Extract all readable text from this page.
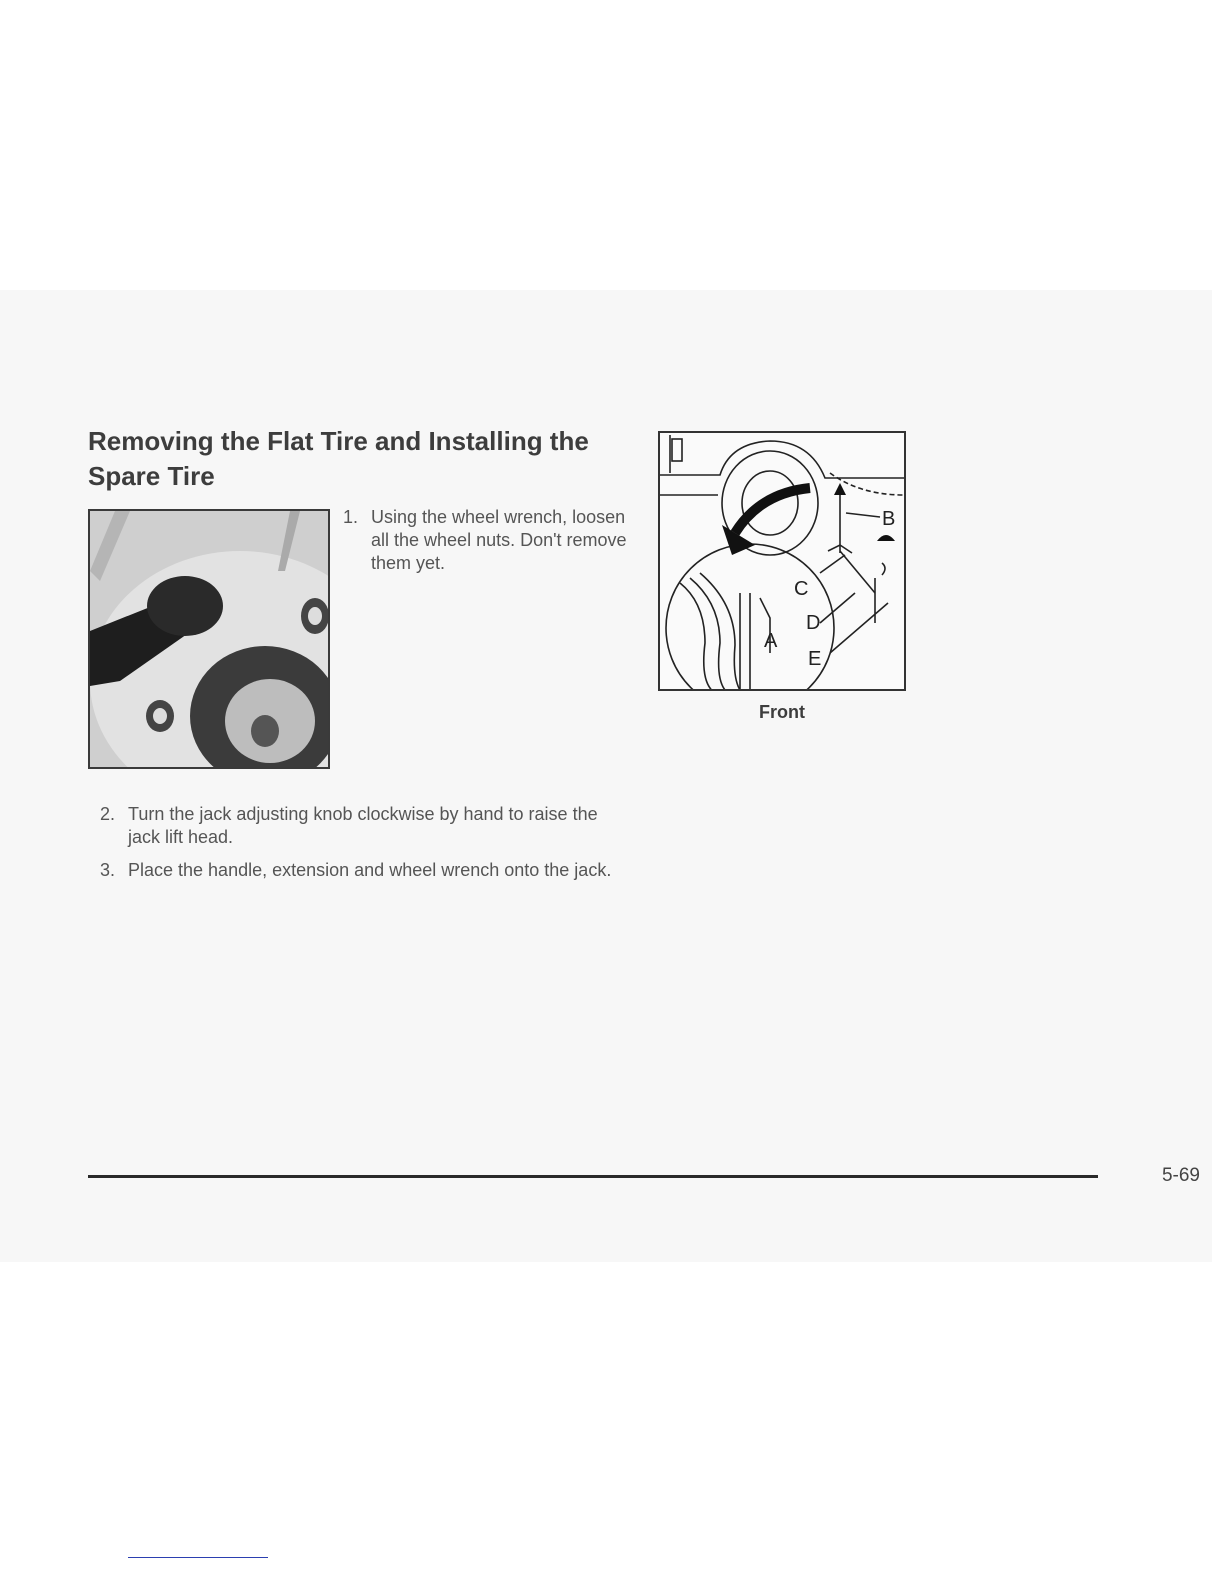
Removing the Flat Tire and Installing the Spare Tire
1. Using the wheel wrench, loosen all the wheel nuts. Don't remove them yet.
2. Turn the jack adjusting knob clockwise by hand to raise the jack lift head.
3. Place the handle, extension and wheel wrench onto the jack.
B
C
D
A
E
Front
5-69
